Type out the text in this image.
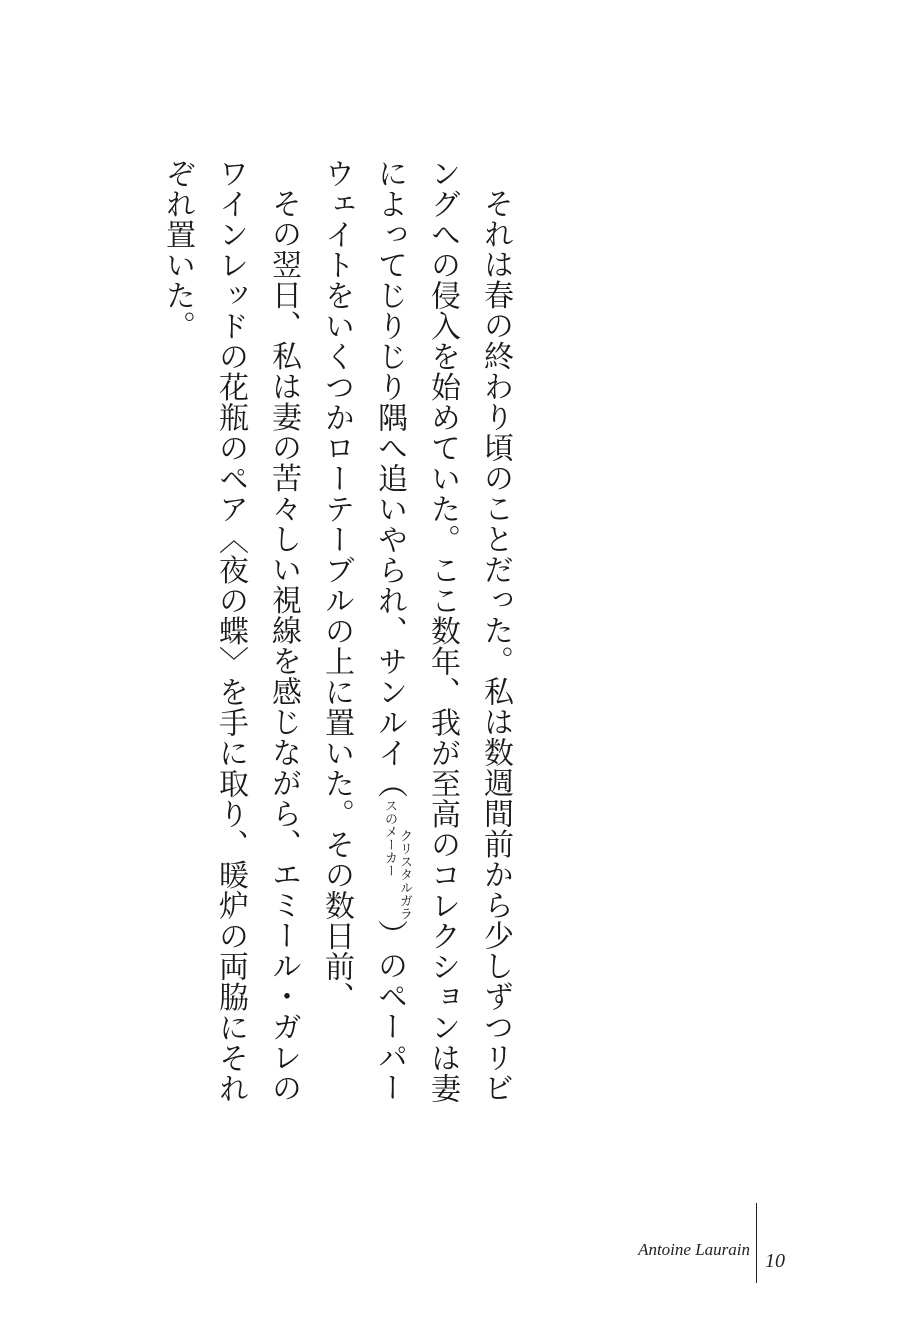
それは春の終わり頃のことだった。私は数週間前から少しずつリビングへの侵入を始めていた。ここ数年、我が至高のコレクションは妻によってじりじり隅へ追いやられ、サンルイ（クリスタルガラ
スのメーカー）のペーパーウェイトをいくつかローテーブルの上に置いた。その数日前、

その翌日、私は妻の苦々しい視線を感じながら、エミール・ガレのワインレッドの花瓶のペア〈夜の蝶〉を手に取り、暖炉の両脇にそれぞれ置いた。

Antoine Laurain
10
